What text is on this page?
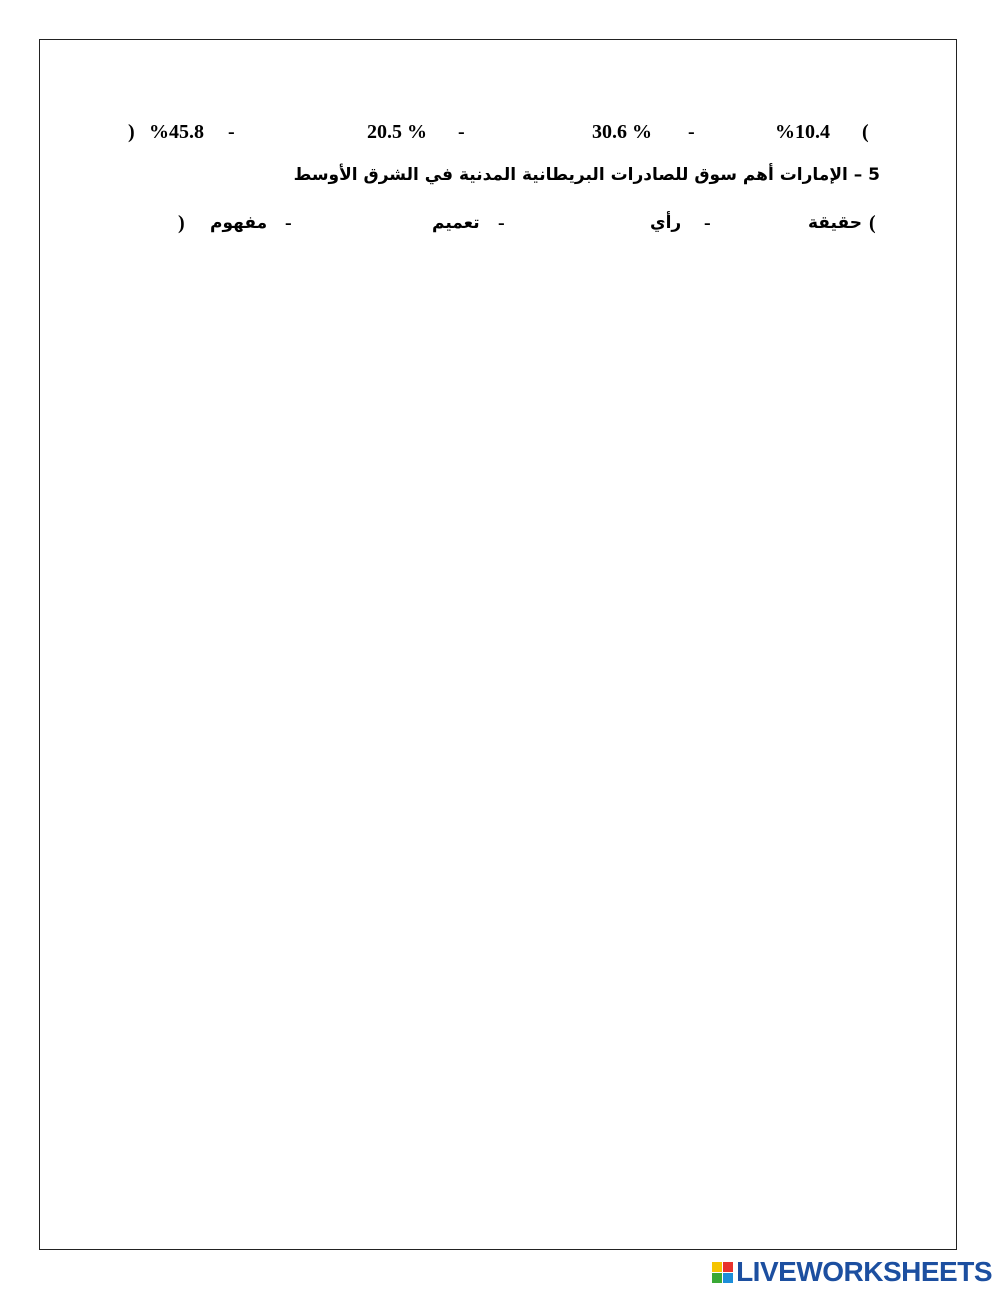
(
%10.4
-
30.6 %
-
20.5 %
-
%45.8
)
5 – الإمارات أهم سوق للصادرات البريطانية المدنية في الشرق الأوسط
(
حقيقة
-
رأي
-
تعميم
-
مفهوم
)
LIVEWORKSHEETS
